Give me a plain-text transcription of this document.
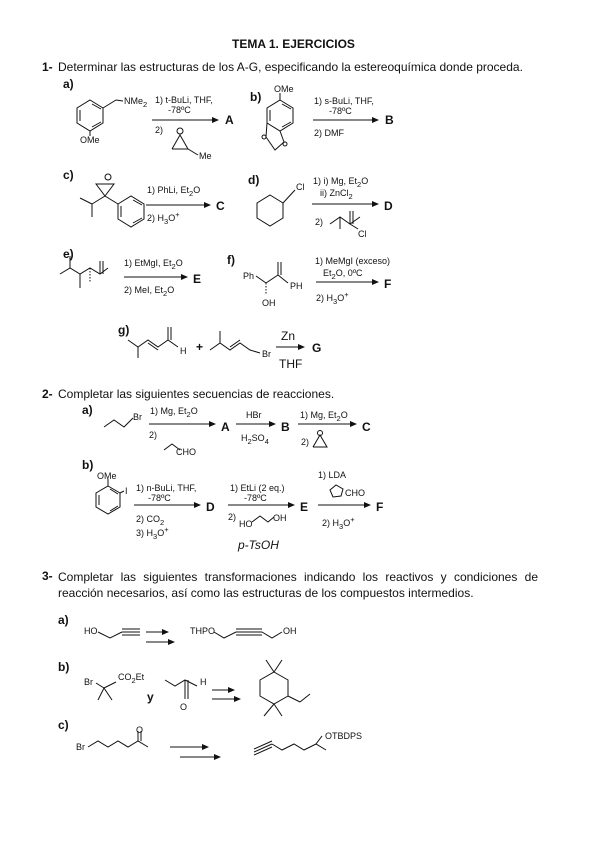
TEMA 1. EJERCICIOS
1- Determinar las estructuras de los A-G, especificando la estereoquímica donde proceda.
a)
NMe$_2$
OMe
1) t-BuLi, THF,
-78ºC
2)
Me
A
b)
OMe
1) s-BuLi, THF,
-78ºC
2) DMF
B
c)
1) PhLi, $Et_2O$
2) $H_3O^+$
C
d)	Cl
1) i) Mg, $Et_2O$
ii) ZnCl$_2$
2)
Cl
D
e)
1) EtMgI, $Et_2O$
2) MeI, $Et_2O$
E
f)
Ph
OH
PH
1) MeMgI (exceso)
$Et_2O$, 0ºC
2) $H_3O^+$
F
g)
H +	Br
Zn
THF
G
2- Completar las siguientes secuencias de reacciones.
a)	Br
1) Mg, $Et_2O$
2)
CHO
A
HBr
$H_2SO_4$
B
1) Mg, $Et_2O$
2)
C
b)
OMe
I 1) n-BuLi, THF,
-78ºC
2) $CO_2$
3) $H_3O^+$
D
1) EtLi (2 eq.)
-78ºC
2)
HO
OH
p-TsOH
E
1) LDA
CHO
2) $H_3O^+$
F
3- Completar las siguientes transformaciones indicando los reactivos y condiciones de reacción necesarios, así como las estructuras de los compuestos intermedios.
a)
HO	THPO	OH
b)
Br	$CO_2Et$
y
H
O
c)
Br
O
OTBDPS
